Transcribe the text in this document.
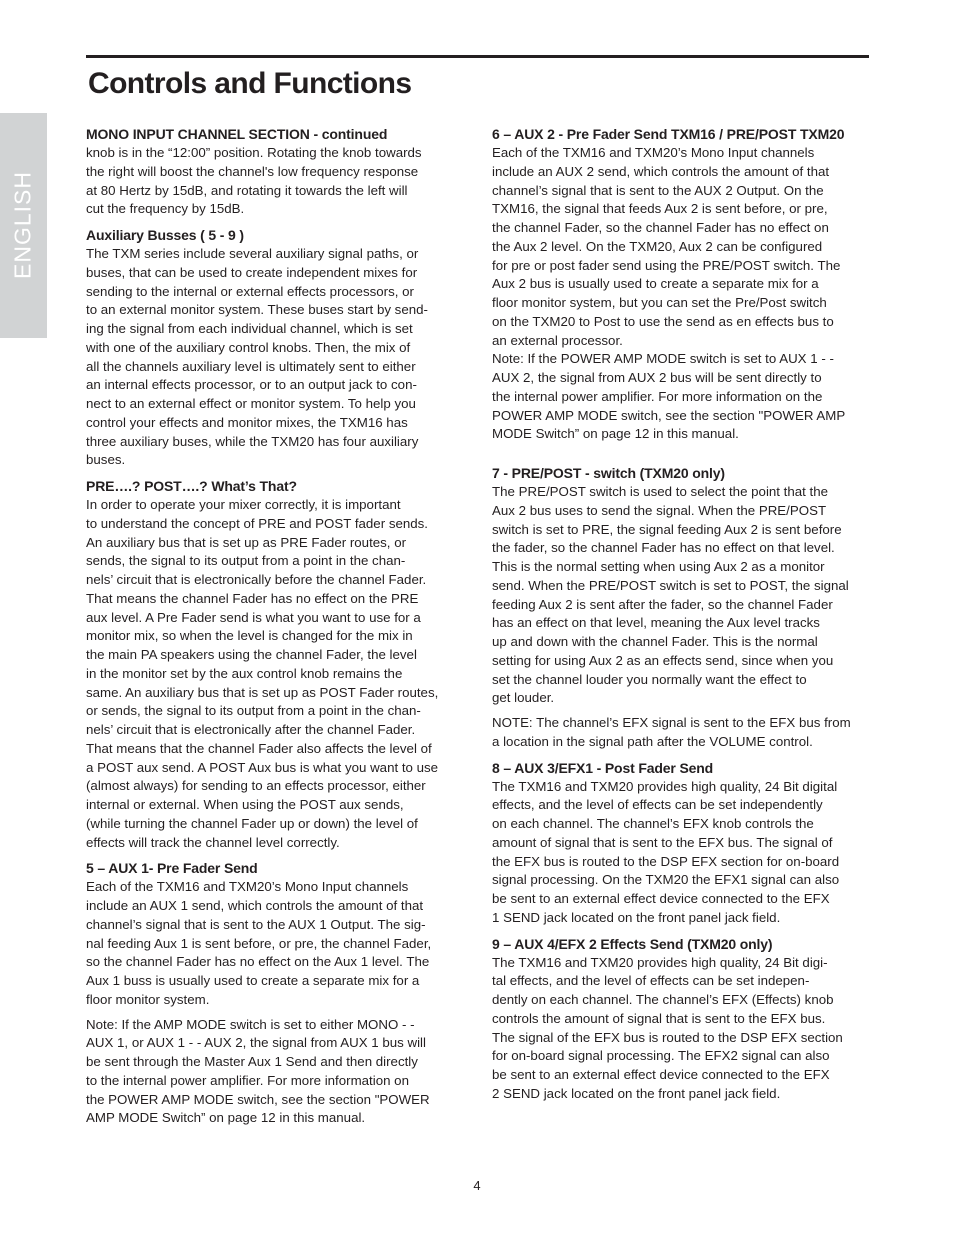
Controls and Functions
ENGLISH
MONO INPUT CHANNEL SECTION - continued

knob is in the “12:00” position. Rotating the knob towards
the right will boost the channel's low frequency response
at 80 Hertz by 15dB, and rotating it towards the left will
cut the frequency by 15dB.

Auxiliary Busses ( 5 - 9 )

The TXM series include several auxiliary signal paths, or
buses, that can be used to create independent mixes for
sending to the internal or external effects processors, or
to an external monitor system. These buses start by send-
ing the signal from each individual channel, which is set
with one of the auxiliary control knobs. Then, the mix of
all the channels auxiliary level is ultimately sent to either
an internal effects processor, or to an output jack to con-
nect to an external effect or monitor system. To help you
control your effects and monitor mixes, the TXM16 has
three auxiliary buses, while the TXM20 has four auxiliary
buses.

PRE….? POST….? What’s That?

In order to operate your mixer correctly, it is important
to understand the concept of PRE and POST fader sends.
An auxiliary bus that is set up as PRE Fader routes, or
sends, the signal to its output from a point in the chan-
nels’ circuit that is electronically before the channel Fader.
That means the channel Fader has no effect on the PRE
aux level. A Pre Fader send is what you want to use for a
monitor mix, so when the level is changed for the mix in
the main PA speakers using the channel Fader, the level
in the monitor set by the aux control knob remains the
same. An auxiliary bus that is set up as POST Fader routes,
or sends, the signal to its output from a point in the chan-
nels’ circuit that is electronically after the channel Fader.
That means that the channel Fader also affects the level of
a POST aux send. A POST Aux bus is what you want to use
(almost always) for sending to an effects processor, either
internal or external. When using the POST aux sends,
(while turning the channel Fader up or down) the level of
effects will track the channel level correctly.

5 – AUX 1- Pre Fader Send

Each of the TXM16 and TXM20’s Mono Input channels
include an AUX 1 send, which controls the amount of that
channel’s signal that is sent to the AUX 1 Output. The sig-
nal feeding Aux 1 is sent before, or pre, the channel Fader,
so the channel Fader has no effect on the Aux 1 level. The
Aux 1 buss is usually used to create a separate mix for a
floor monitor system.

Note: If the AMP MODE switch is set to either MONO - -
AUX 1, or AUX 1 - - AUX 2, the signal from AUX 1 bus will
be sent through the Master Aux 1 Send and then directly
to the internal power amplifier. For more information on
the POWER AMP MODE switch, see the section "POWER
AMP MODE Switch” on page 12 in this manual.

6 – AUX 2 - Pre Fader Send TXM16 / PRE/POST TXM20

Each of the TXM16 and TXM20’s Mono Input channels
include an AUX 2 send, which controls the amount of that
channel’s signal that is sent to the AUX 2 Output. On the
TXM16, the signal that feeds Aux 2 is sent before, or pre,
the channel Fader, so the channel Fader has no effect on
the Aux 2 level. On the TXM20, Aux 2 can be configured
for pre or post fader send using the PRE/POST switch. The
Aux 2 bus is usually used to create a separate mix for a
floor monitor system, but you can set the Pre/Post switch
on the TXM20 to Post to use the send as en effects bus to
an external processor.
Note: If the POWER AMP MODE switch is set to AUX 1 - -
AUX 2, the signal from AUX 2 bus will be sent directly to
the internal power amplifier. For more information on the
POWER AMP MODE switch, see the section "POWER AMP
MODE Switch” on page 12 in this manual.

7 - PRE/POST - switch (TXM20 only)

The PRE/POST switch is used to select the point that the
Aux 2 bus uses to send the signal. When the PRE/POST
switch is set to PRE, the signal feeding Aux 2 is sent before
the fader, so the channel Fader has no effect on that level.
This is the normal setting when using Aux 2 as a monitor
send. When the PRE/POST switch is set to POST, the signal
feeding Aux 2 is sent after the fader, so the channel Fader
has an effect on that level, meaning the Aux level tracks
up and down with the channel Fader. This is the normal
setting for using Aux 2 as an effects send, since when you
set the channel louder you normally want the effect to
get louder.

NOTE: The channel’s EFX signal is sent to the EFX bus from
a location in the signal path after the VOLUME control.

8 – AUX 3/EFX1 - Post Fader Send

The TXM16 and TXM20 provides high quality, 24 Bit digital
effects, and the level of effects can be set independently
on each channel. The channel’s EFX knob controls the
amount of signal that is sent to the EFX bus. The signal of
the EFX bus is routed to the DSP EFX section for on-board
signal processing. On the TXM20 the EFX1 signal can also
be sent to an external effect device connected to the EFX
1 SEND jack located on the front panel jack field.

9 – AUX 4/EFX 2 Effects Send (TXM20 only)

The TXM16 and TXM20 provides high quality, 24 Bit digi-
tal effects, and the level of effects can be set indepen-
dently on each channel. The channel’s EFX (Effects) knob
controls the amount of signal that is sent to the EFX bus.
The signal of the EFX bus is routed to the DSP EFX section
for on-board signal processing. The EFX2 signal can also
be sent to an external effect device connected to the EFX
2 SEND jack located on the front panel jack field.

4
